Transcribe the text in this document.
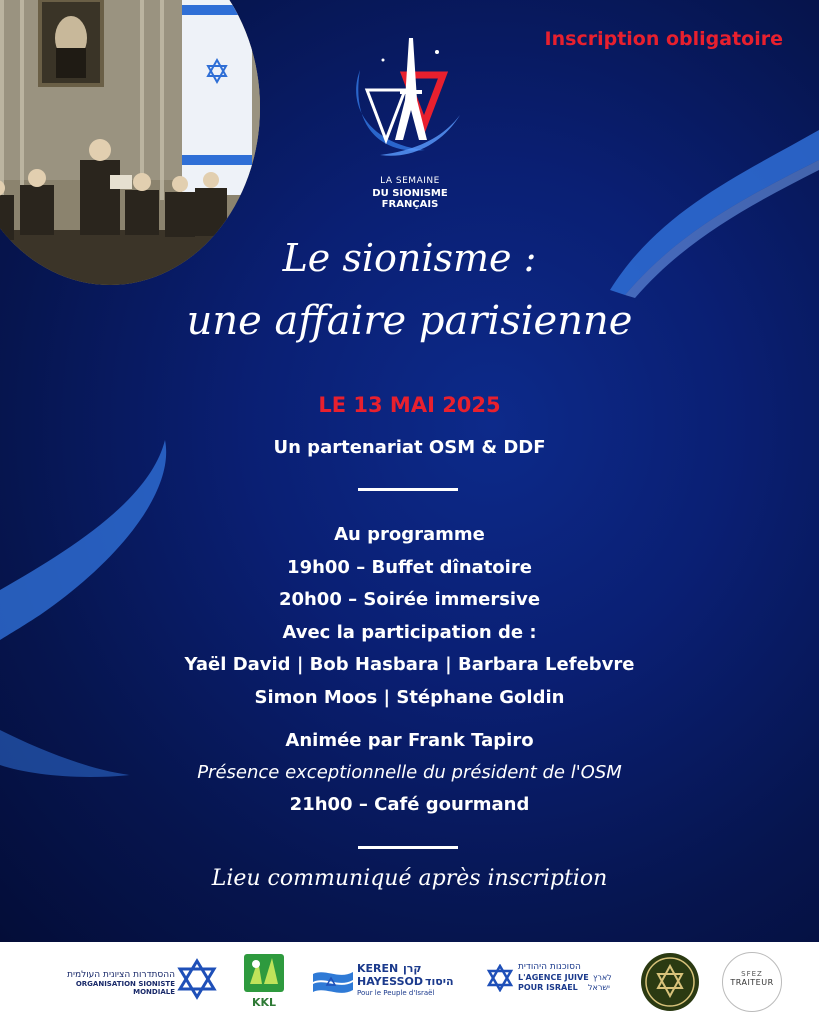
LA SEMAINE
DU SIONISME FRANÇAIS
Inscription obligatoire
Le sionisme :
une affaire parisienne
LE 13 MAI 2025
Un partenariat OSM & DDF
Au programme
19h00 – Buffet dînatoire
20h00 – Soirée immersive
Avec la participation de :
Yaël David | Bob Hasbara | Barbara Lefebvre
Simon Moos | Stéphane Goldin
Animée par Frank Tapiro
Présence exceptionnelle du président de l'OSM
21h00 – Café gourmand
Lieu communiqué après inscription
ההסתדרות הציונית העולמית
ORGANISATION SIONISTE MONDIALE
KKL
KEREN קרן
HAYESSOD היסוד
Pour le Peuple d'Israël
הסוכנות היהודית
L'AGENCE JUIVE לארץ
POUR ISRAEL ישראל
SFEZ
TRAITEUR
